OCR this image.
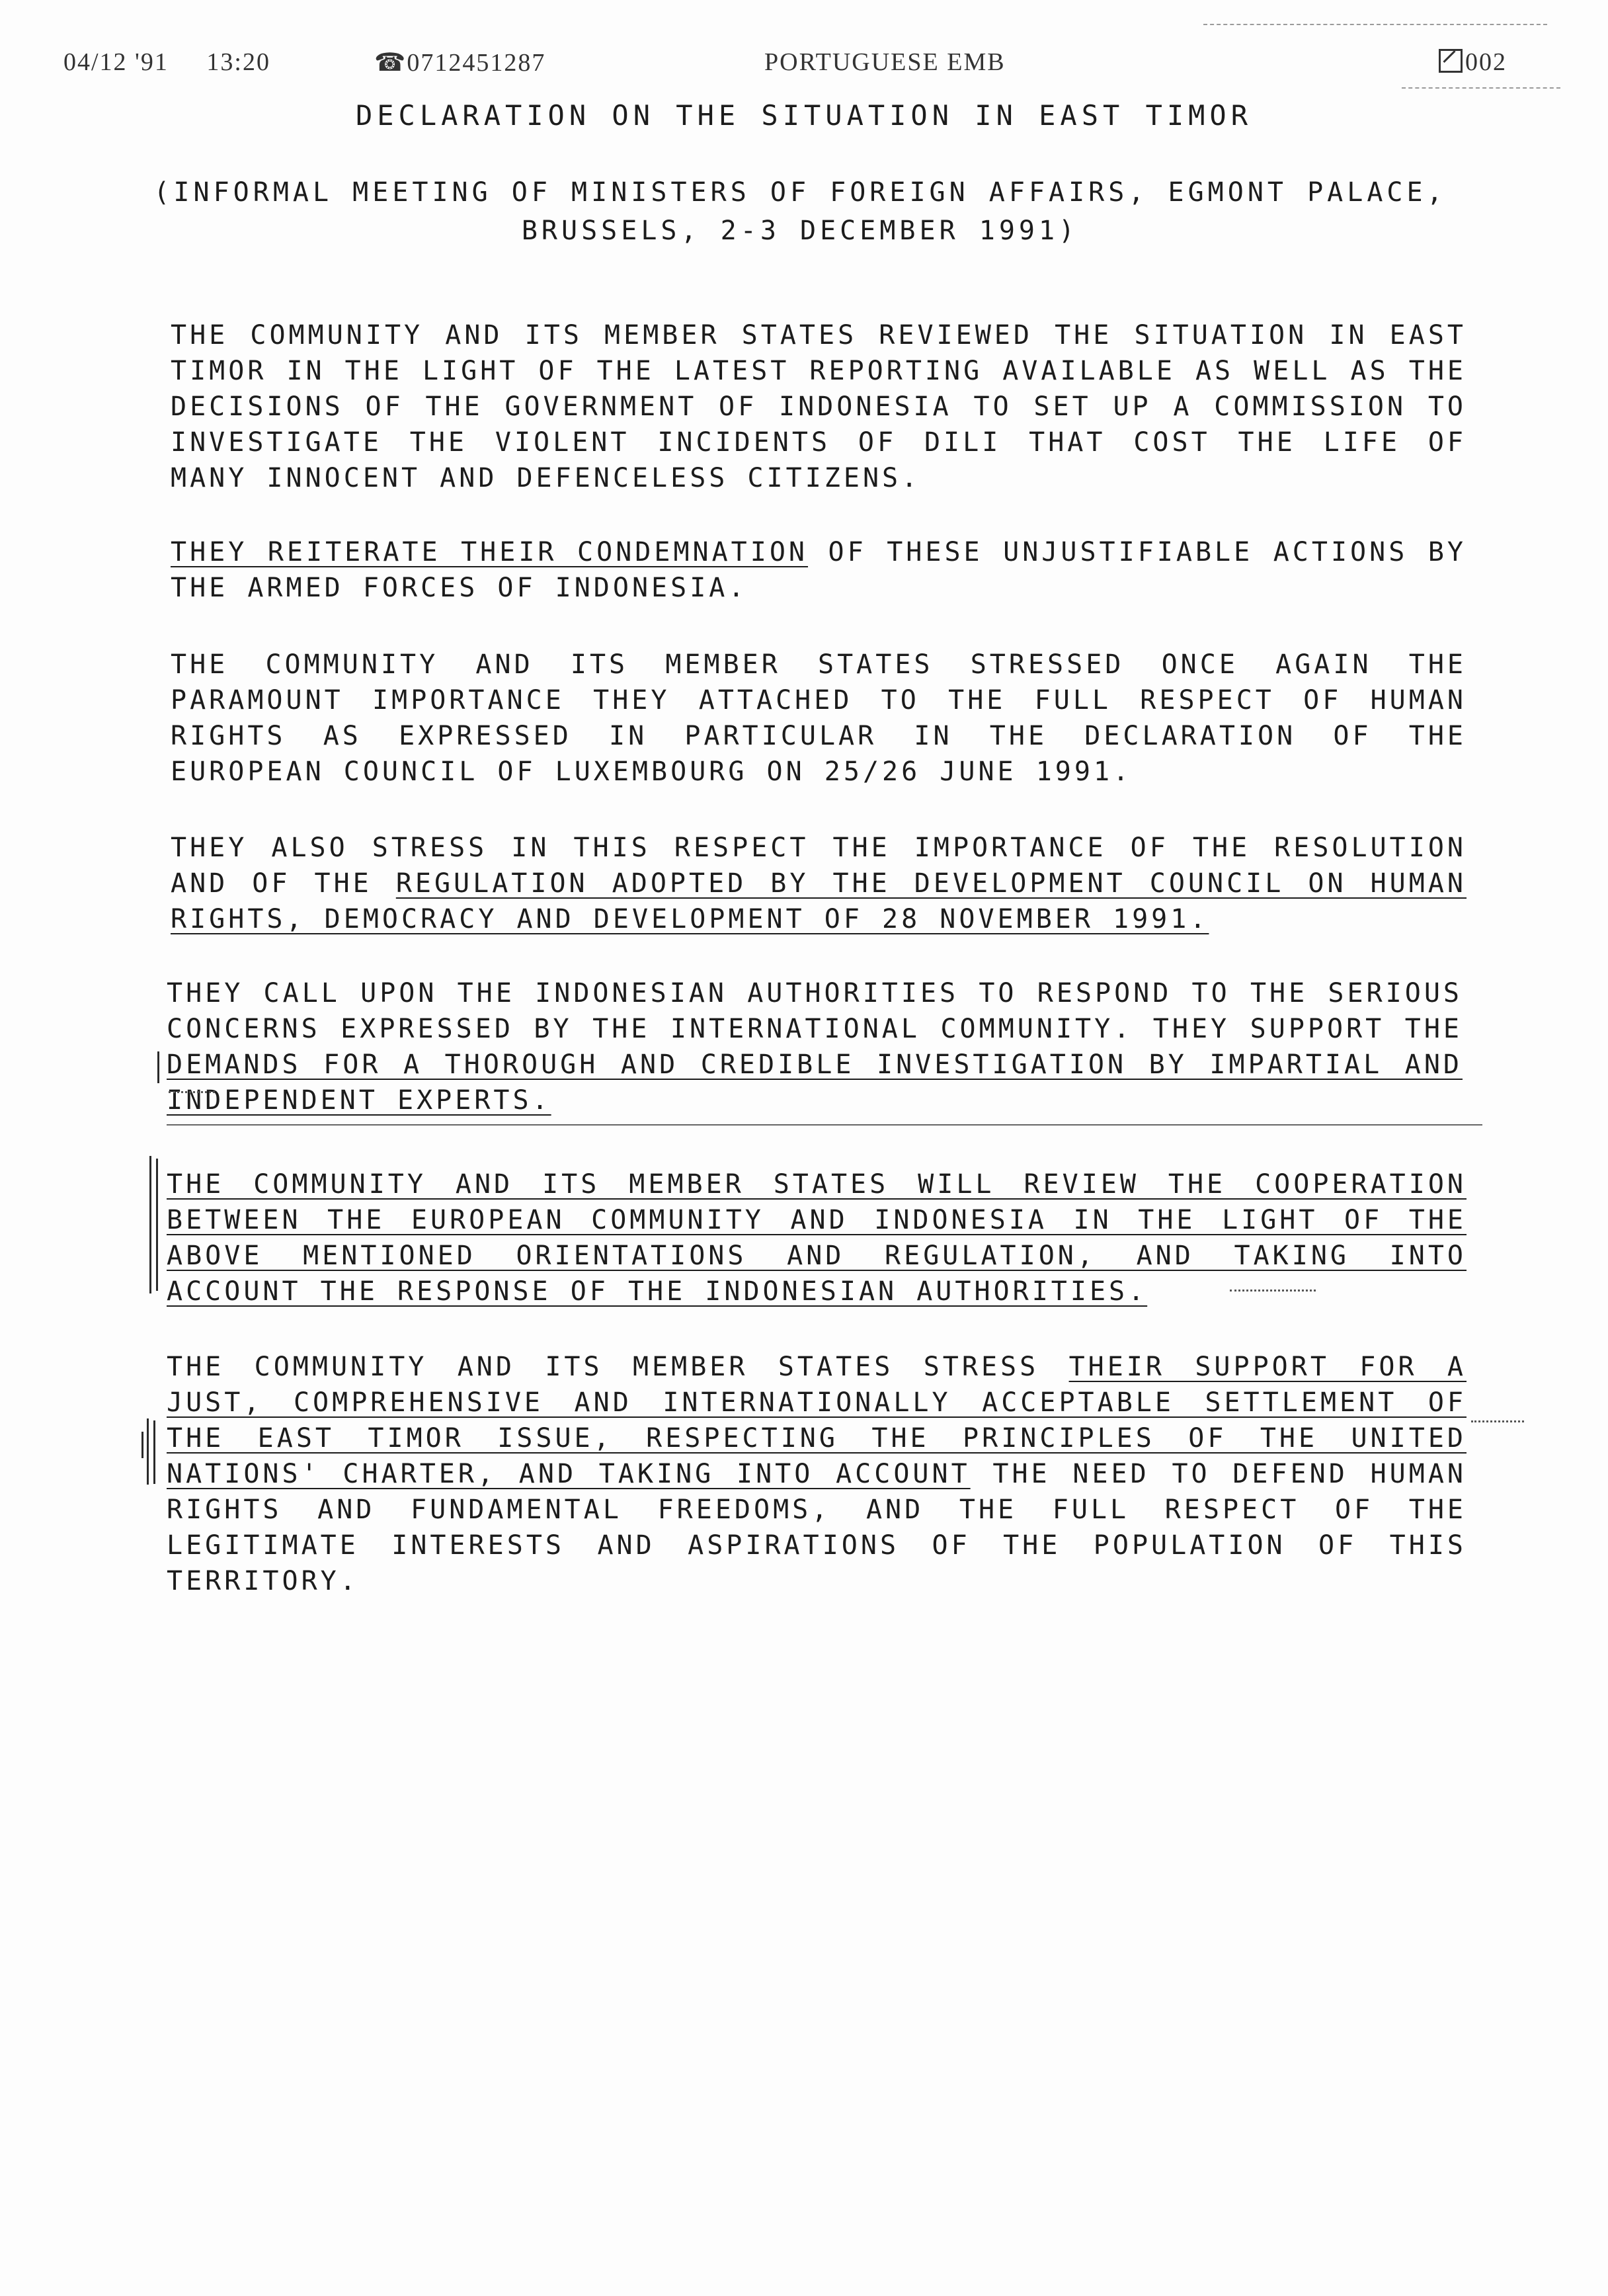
04/12 '91 13:20	☎0712451287	PORTUGUESE EMB	002
DECLARATION ON THE SITUATION IN EAST TIMOR
(INFORMAL MEETING OF MINISTERS OF FOREIGN AFFAIRS, EGMONT PALACE,
BRUSSELS, 2-3 DECEMBER 1991)
THE COMMUNITY AND ITS MEMBER STATES REVIEWED THE SITUATION IN EAST TIMOR IN THE LIGHT OF THE LATEST REPORTING AVAILABLE AS WELL AS THE DECISIONS OF THE GOVERNMENT OF INDONESIA TO SET UP A COMMISSION TO INVESTIGATE THE VIOLENT INCIDENTS OF DILI THAT COST THE LIFE OF MANY INNOCENT AND DEFENCELESS CITIZENS.
THEY REITERATE THEIR CONDEMNATION OF THESE UNJUSTIFIABLE ACTIONS BY THE ARMED FORCES OF INDONESIA.
THE COMMUNITY AND ITS MEMBER STATES STRESSED ONCE AGAIN THE PARAMOUNT IMPORTANCE THEY ATTACHED TO THE FULL RESPECT OF HUMAN RIGHTS AS EXPRESSED IN PARTICULAR IN THE DECLARATION OF THE EUROPEAN COUNCIL OF LUXEMBOURG ON 25/26 JUNE 1991.
THEY ALSO STRESS IN THIS RESPECT THE IMPORTANCE OF THE RESOLUTION AND OF THE REGULATION ADOPTED BY THE DEVELOPMENT COUNCIL ON HUMAN RIGHTS, DEMOCRACY AND DEVELOPMENT OF 28 NOVEMBER 1991.
THEY CALL UPON THE INDONESIAN AUTHORITIES TO RESPOND TO THE SERIOUS CONCERNS EXPRESSED BY THE INTERNATIONAL COMMUNITY. THEY SUPPORT THE DEMANDS FOR A THOROUGH AND CREDIBLE INVESTIGATION BY IMPARTIAL AND INDEPENDENT EXPERTS.
THE COMMUNITY AND ITS MEMBER STATES WILL REVIEW THE COOPERATION BETWEEN THE EUROPEAN COMMUNITY AND INDONESIA IN THE LIGHT OF THE ABOVE MENTIONED ORIENTATIONS AND REGULATION, AND TAKING INTO ACCOUNT THE RESPONSE OF THE INDONESIAN AUTHORITIES.
THE COMMUNITY AND ITS MEMBER STATES STRESS THEIR SUPPORT FOR A JUST, COMPREHENSIVE AND INTERNATIONALLY ACCEPTABLE SETTLEMENT OF THE EAST TIMOR ISSUE, RESPECTING THE PRINCIPLES OF THE UNITED NATIONS' CHARTER, AND TAKING INTO ACCOUNT THE NEED TO DEFEND HUMAN RIGHTS AND FUNDAMENTAL FREEDOMS, AND THE FULL RESPECT OF THE LEGITIMATE INTERESTS AND ASPIRATIONS OF THE POPULATION OF THIS TERRITORY.
